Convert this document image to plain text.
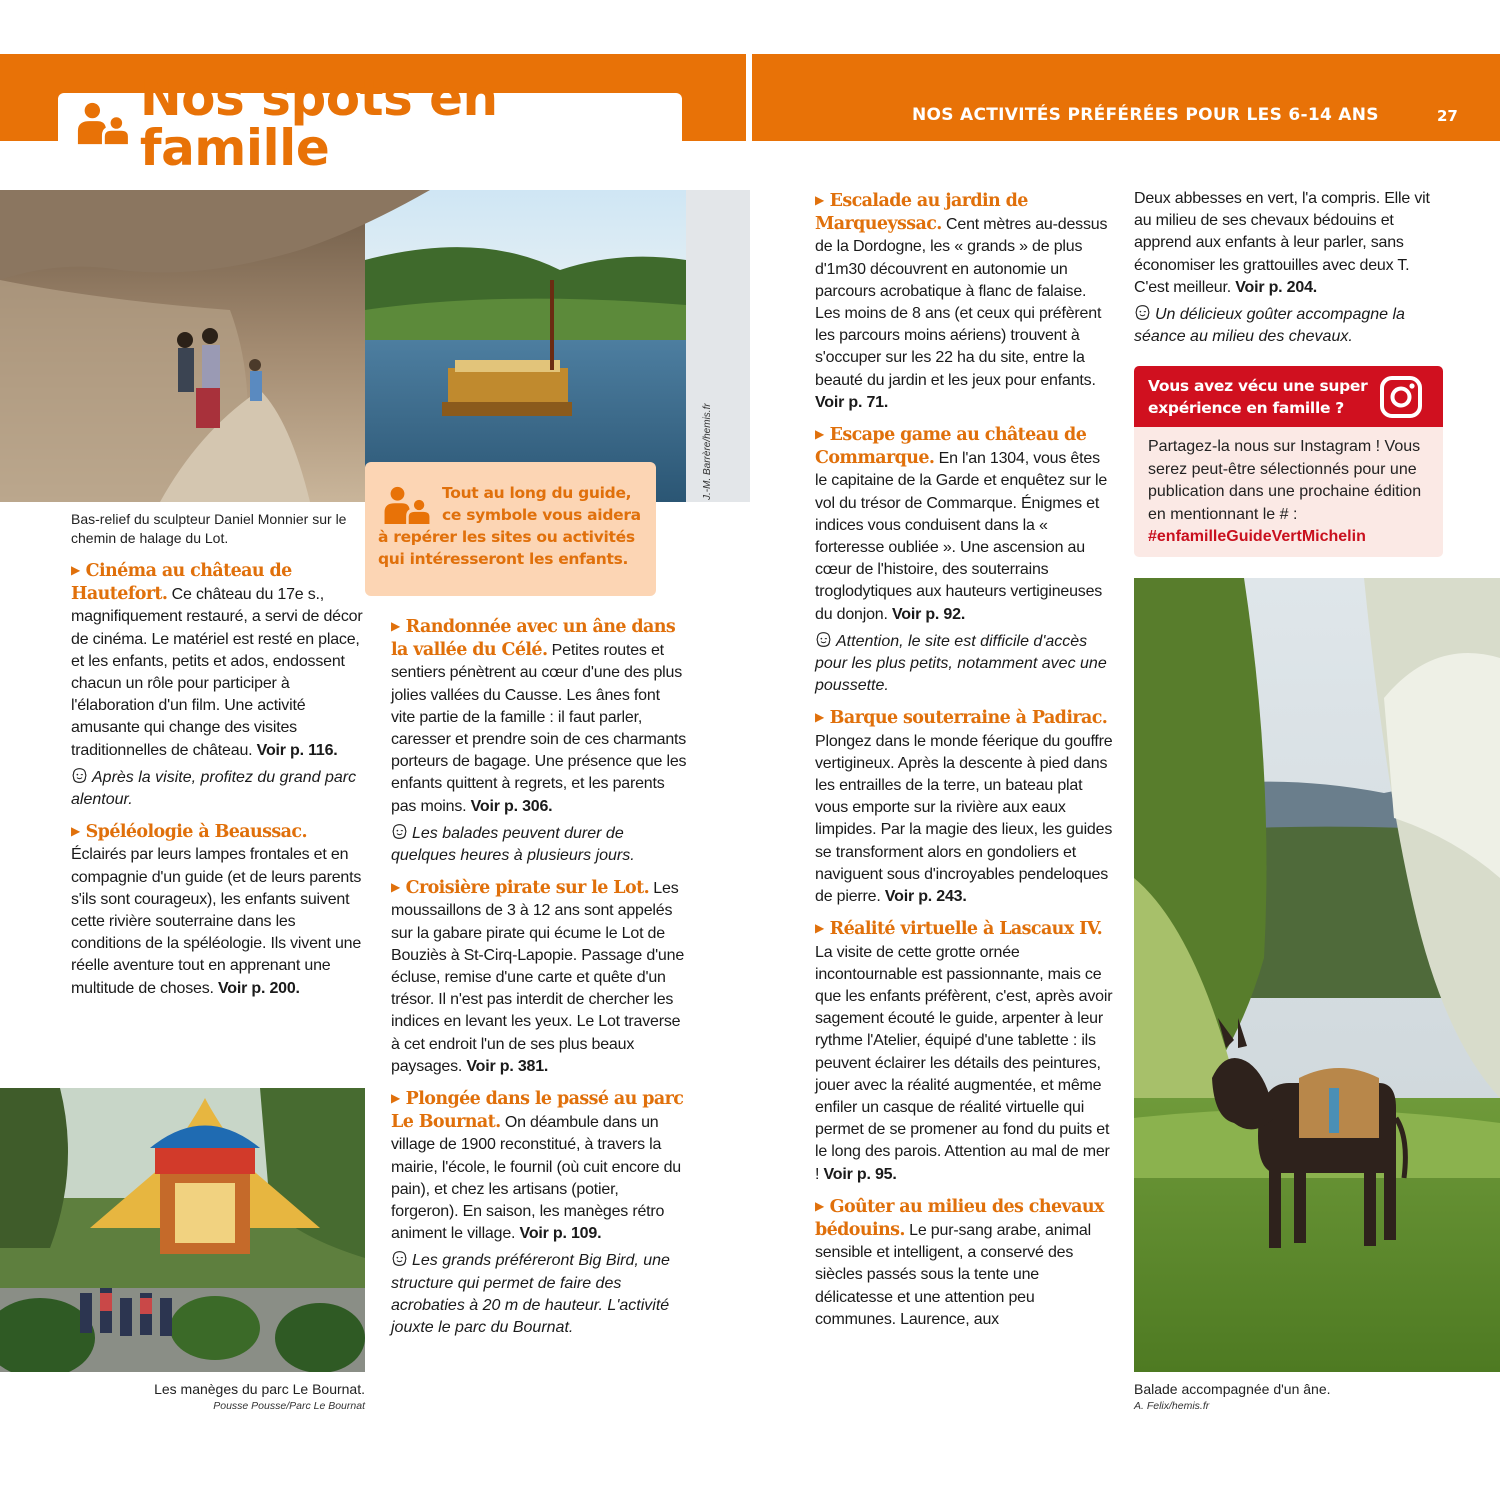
Nos spots en famille
NOS ACTIVITÉS PRÉFÉRÉES POUR LES 6-14 ANS	27
J.-M. Barrère/hemis.fr
Bas-relief du sculpteur Daniel Monnier sur le chemin de halage du Lot.

Tout au long du guide, ce symbole vous aidera à repérer les sites ou activités qui intéresseront les enfants.

▶ Cinéma au château de Hautefort. Ce château du 17e s., magnifiquement restauré, a servi de décor de cinéma. Le matériel est resté en place, et les enfants, petits et ados, endossent chacun un rôle pour participer à l'élaboration d'un film. Une activité amusante qui change des visites traditionnelles de château. Voir p. 116.

Après la visite, profitez du grand parc alentour.

▶ Spéléologie à Beaussac. Éclairés par leurs lampes frontales et en compagnie d'un guide (et de leurs parents s'ils sont courageux), les enfants suivent cette rivière souterraine dans les conditions de la spéléologie. Ils vivent une réelle aventure tout en apprenant une multitude de choses. Voir p. 200.

Les manèges du parc Le Bournat.
Pousse Pousse/Parc Le Bournat

▶ Randonnée avec un âne dans la vallée du Célé. Petites routes et sentiers pénètrent au cœur d'une des plus jolies vallées du Causse. Les ânes font vite partie de la famille : il faut parler, caresser et prendre soin de ces charmants porteurs de bagage. Une présence que les enfants quittent à regrets, et les parents pas moins. Voir p. 306.

Les balades peuvent durer de quelques heures à plusieurs jours.

▶ Croisière pirate sur le Lot. Les moussaillons de 3 à 12 ans sont appelés sur la gabare pirate qui écume le Lot de Bouziès à St-Cirq-Lapopie. Passage d'une écluse, remise d'une carte et quête d'un trésor. Il n'est pas interdit de chercher les indices en levant les yeux. Le Lot traverse à cet endroit l'un de ses plus beaux paysages. Voir p. 381.

▶ Plongée dans le passé au parc Le Bournat. On déambule dans un village de 1900 reconstitué, à travers la mairie, l'école, le fournil (où cuit encore du pain), et chez les artisans (potier, forgeron). En saison, les manèges rétro animent le village. Voir p. 109.

Les grands préféreront Big Bird, une structure qui permet de faire des acrobaties à 20 m de hauteur. L'activité jouxte le parc du Bournat.

▶ Escalade au jardin de Marqueyssac. Cent mètres au-dessus de la Dordogne, les « grands » de plus d'1m30 découvrent en autonomie un parcours acrobatique à flanc de falaise. Les moins de 8 ans (et ceux qui préfèrent les parcours moins aériens) trouvent à s'occuper sur les 22 ha du site, entre la beauté du jardin et les jeux pour enfants. Voir p. 71.

▶ Escape game au château de Commarque. En l'an 1304, vous êtes le capitaine de la Garde et enquêtez sur le vol du trésor de Commarque. Énigmes et indices vous conduisent dans la « forteresse oubliée ». Une ascension au cœur de l'histoire, des souterrains troglodytiques aux hauteurs vertigineuses du donjon. Voir p. 92.

Attention, le site est difficile d'accès pour les plus petits, notamment avec une poussette.

▶ Barque souterraine à Padirac. Plongez dans le monde féerique du gouffre vertigineux. Après la descente à pied dans les entrailles de la terre, un bateau plat vous emporte sur la rivière aux eaux limpides. Par la magie des lieux, les guides se transforment alors en gondoliers et naviguent sous d'incroyables pendeloques de pierre. Voir p. 243.

▶ Réalité virtuelle à Lascaux IV. La visite de cette grotte ornée incontournable est passionnante, mais ce que les enfants préfèrent, c'est, après avoir sagement écouté le guide, arpenter à leur rythme l'Atelier, équipé d'une tablette : ils peuvent éclairer les détails des peintures, jouer avec la réalité augmentée, et même enfiler un casque de réalité virtuelle qui permet de se promener au fond du puits et le long des parois. Attention au mal de mer ! Voir p. 95.

▶ Goûter au milieu des chevaux bédouins. Le pur-sang arabe, animal sensible et intelligent, a conservé des siècles passés sous la tente une délicatesse et une attention peu communes. Laurence, aux

Deux abbesses en vert, l'a compris. Elle vit au milieu de ses chevaux bédouins et apprend aux enfants à leur parler, sans économiser les grattouilles avec deux T. C'est meilleur. Voir p. 204.

Un délicieux goûter accompagne la séance au milieu des chevaux.
Vous avez vécu une super expérience en famille ?
Partagez-la nous sur Instagram ! Vous serez peut-être sélectionnés pour une publication dans une prochaine édition en mentionnant le # : #enfamilleGuideVertMichelin
Balade accompagnée d'un âne.
A. Felix/hemis.fr
